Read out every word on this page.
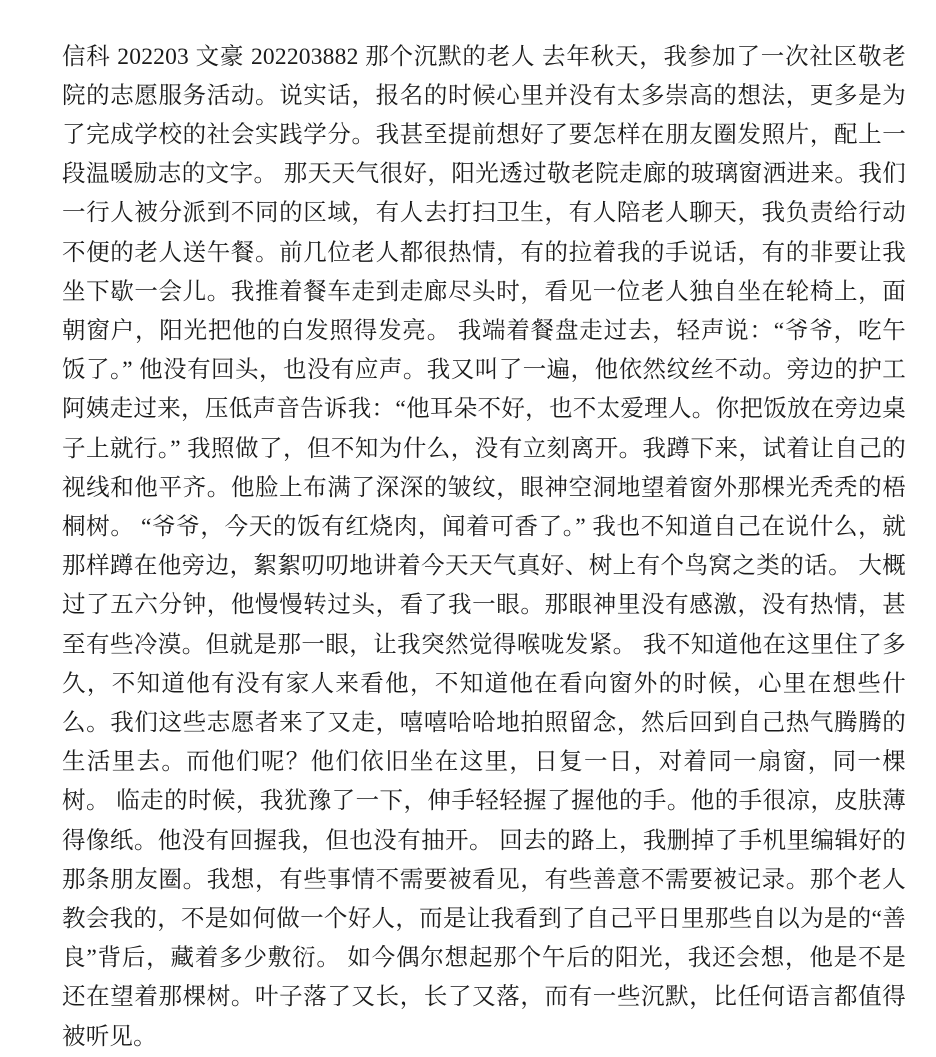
信科 202203 文豪 202203882 那个沉默的老人 去年秋天，我参加了一次社区敬老院的志愿服务活动。说实话，报名的时候心里并没有太多崇高的想法，更多是为了完成学校的社会实践学分。我甚至提前想好了要怎样在朋友圈发照片，配上一段温暖励志的文字。 那天天气很好，阳光透过敬老院走廊的玻璃窗洒进来。我们一行人被分派到不同的区域，有人去打扫卫生，有人陪老人聊天，我负责给行动不便的老人送午餐。前几位老人都很热情，有的拉着我的手说话，有的非要让我坐下歇一会儿。我推着餐车走到走廊尽头时，看见一位老人独自坐在轮椅上，面朝窗户，阳光把他的白发照得发亮。 我端着餐盘走过去，轻声说：“爷爷，吃午饭了。” 他没有回头，也没有应声。我又叫了一遍，他依然纹丝不动。旁边的护工阿姨走过来，压低声音告诉我：“他耳朵不好，也不太爱理人。你把饭放在旁边桌子上就行。” 我照做了，但不知为什么，没有立刻离开。我蹲下来，试着让自己的视线和他平齐。他脸上布满了深深的皱纹，眼神空洞地望着窗外那棵光秃秃的梧桐树。 “爷爷，今天的饭有红烧肉，闻着可香了。” 我也不知道自己在说什么，就那样蹲在他旁边，絮絮叨叨地讲着今天天气真好、树上有个鸟窝之类的话。 大概过了五六分钟，他慢慢转过头，看了我一眼。那眼神里没有感激，没有热情，甚至有些冷漠。但就是那一眼，让我突然觉得喉咙发紧。 我不知道他在这里住了多久，不知道他有没有家人来看他，不知道他在看向窗外的时候，心里在想些什么。我们这些志愿者来了又走，嘻嘻哈哈地拍照留念，然后回到自己热气腾腾的生活里去。而他们呢？他们依旧坐在这里，日复一日，对着同一扇窗，同一棵树。 临走的时候，我犹豫了一下，伸手轻轻握了握他的手。他的手很凉，皮肤薄得像纸。他没有回握我，但也没有抽开。 回去的路上，我删掉了手机里编辑好的那条朋友圈。我想，有些事情不需要被看见，有些善意不需要被记录。那个老人教会我的，不是如何做一个好人，而是让我看到了自己平日里那些自以为是的“善良”背后，藏着多少敷衍。 如今偶尔想起那个午后的阳光，我还会想，他是不是还在望着那棵树。叶子落了又长，长了又落，而有一些沉默，比任何语言都值得被听见。
